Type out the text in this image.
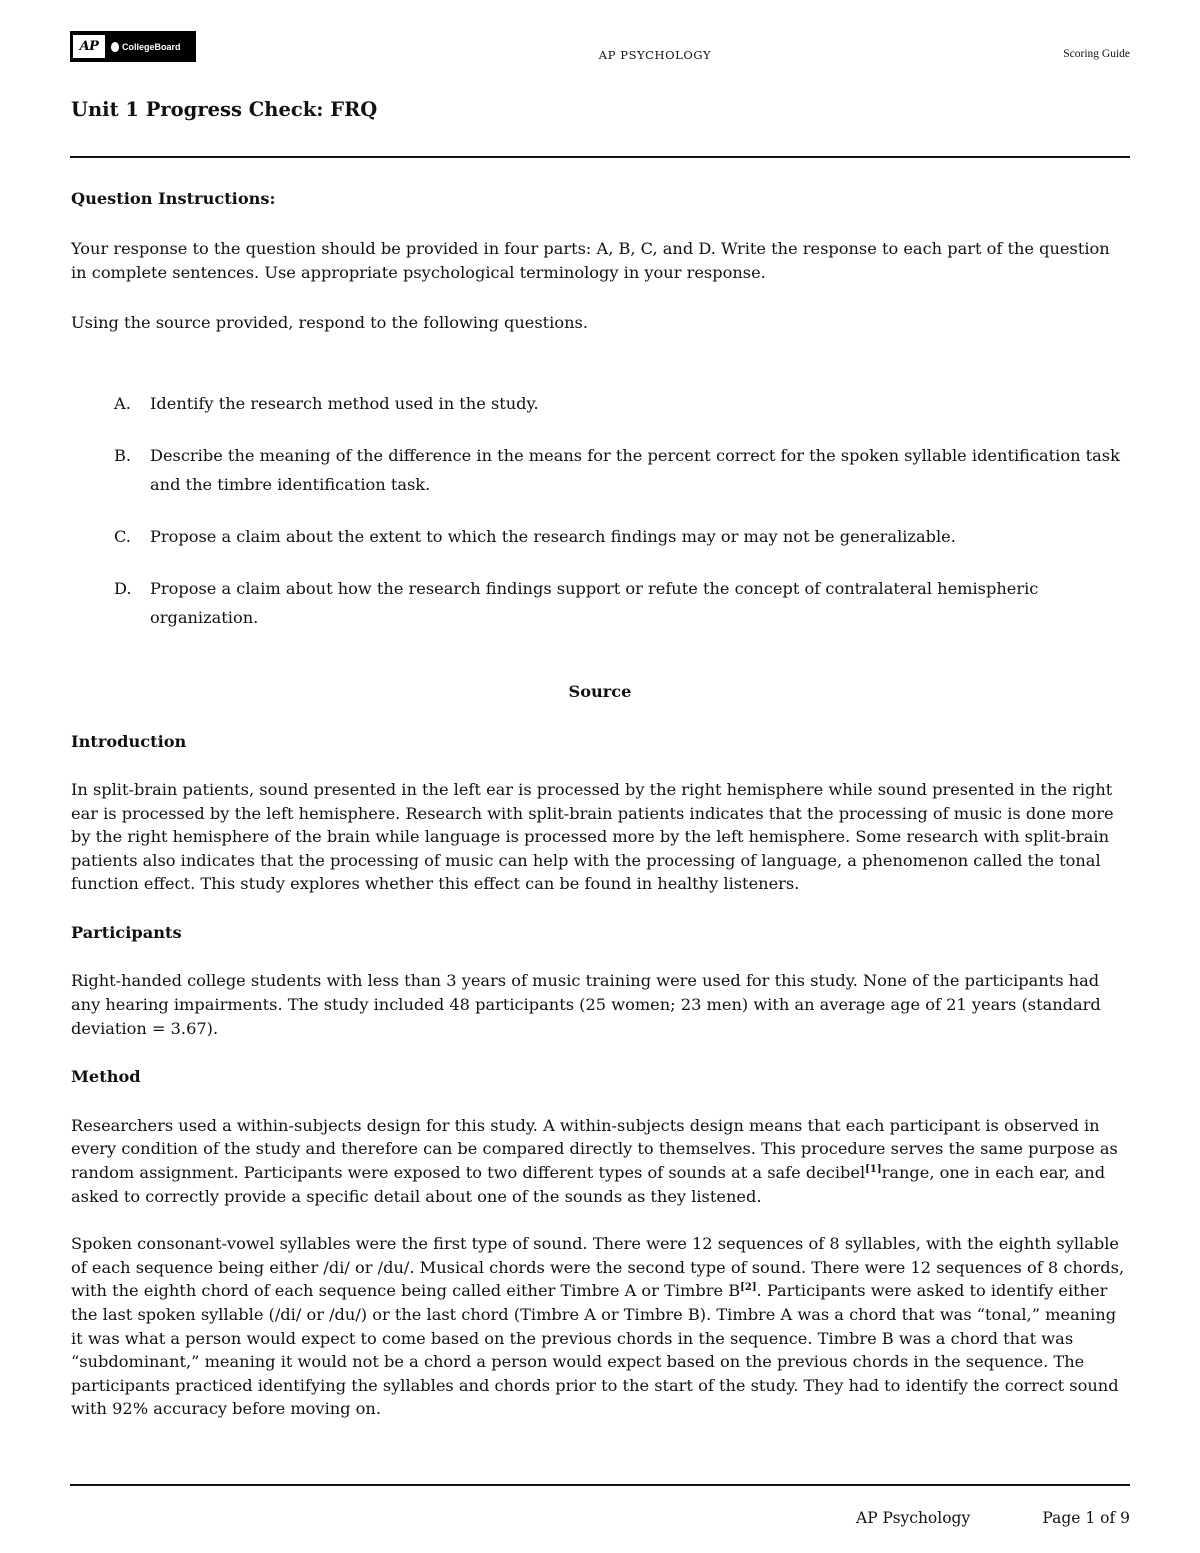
AP	CollegeBoard
AP PSYCHOLOGY	Scoring Guide
Unit 1 Progress Check: FRQ

Question Instructions:

Your response to the question should be provided in four parts: A, B, C, and D. Write the response to each part of the question in complete sentences. Use appropriate psychological terminology in your response.

Using the source provided, respond to the following questions.

A. Identify the research method used in the study.
B. Describe the meaning of the difference in the means for the percent correct for the spoken syllable identification task and the timbre identification task.
C. Propose a claim about the extent to which the research findings may or may not be generalizable.
D. Propose a claim about how the research findings support or refute the concept of contralateral hemispheric organization.

Source

Introduction

In split-brain patients, sound presented in the left ear is processed by the right hemisphere while sound presented in the right ear is processed by the left hemisphere. Research with split-brain patients indicates that the processing of music is done more by the right hemisphere of the brain while language is processed more by the left hemisphere. Some research with split-brain patients also indicates that the processing of music can help with the processing of language, a phenomenon called the tonal function effect. This study explores whether this effect can be found in healthy listeners.

Participants

Right-handed college students with less than 3 years of music training were used for this study. None of the participants had any hearing impairments. The study included 48 participants (25 women; 23 men) with an average age of 21 years (standard deviation = 3.67).

Method

Researchers used a within-subjects design for this study. A within-subjects design means that each participant is observed in every condition of the study and therefore can be compared directly to themselves. This procedure serves the same purpose as random assignment. Participants were exposed to two different types of sounds at a safe decibel[1]range, one in each ear, and asked to correctly provide a specific detail about one of the sounds as they listened.

Spoken consonant-vowel syllables were the first type of sound. There were 12 sequences of 8 syllables, with the eighth syllable of each sequence being either /di/ or /du/. Musical chords were the second type of sound. There were 12 sequences of 8 chords, with the eighth chord of each sequence being called either Timbre A or Timbre B[2]. Participants were asked to identify either the last spoken syllable (/di/ or /du/) or the last chord (Timbre A or Timbre B). Timbre A was a chord that was “tonal,” meaning it was what a person would expect to come based on the previous chords in the sequence. Timbre B was a chord that was “subdominant,” meaning it would not be a chord a person would expect based on the previous chords in the sequence. The participants practiced identifying the syllables and chords prior to the start of the study. They had to identify the correct sound with 92% accuracy before moving on.

AP Psychology	Page 1 of 9
